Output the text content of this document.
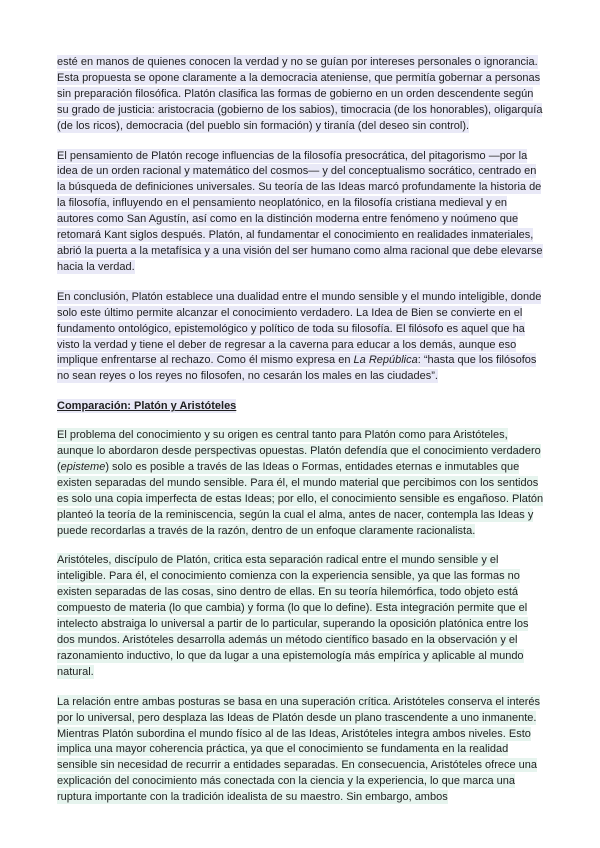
esté en manos de quienes conocen la verdad y no se guían por intereses personales o ignorancia. Esta propuesta se opone claramente a la democracia ateniense, que permitía gobernar a personas sin preparación filosófica. Platón clasifica las formas de gobierno en un orden descendente según su grado de justicia: aristocracia (gobierno de los sabios), timocracia (de los honorables), oligarquía (de los ricos), democracia (del pueblo sin formación) y tiranía (del deseo sin control).

El pensamiento de Platón recoge influencias de la filosofía presocrática, del pitagorismo —por la idea de un orden racional y matemático del cosmos— y del conceptualismo socrático, centrado en la búsqueda de definiciones universales. Su teoría de las Ideas marcó profundamente la historia de la filosofía, influyendo en el pensamiento neoplatónico, en la filosofía cristiana medieval y en autores como San Agustín, así como en la distinción moderna entre fenómeno y noúmeno que retomará Kant siglos después. Platón, al fundamentar el conocimiento en realidades inmateriales, abrió la puerta a la metafísica y a una visión del ser humano como alma racional que debe elevarse hacia la verdad.

En conclusión, Platón establece una dualidad entre el mundo sensible y el mundo inteligible, donde solo este último permite alcanzar el conocimiento verdadero. La Idea de Bien se convierte en el fundamento ontológico, epistemológico y político de toda su filosofía. El filósofo es aquel que ha visto la verdad y tiene el deber de regresar a la caverna para educar a los demás, aunque eso implique enfrentarse al rechazo. Como él mismo expresa en La República: “hasta que los filósofos no sean reyes o los reyes no filosofen, no cesarán los males en las ciudades”.

Comparación: Platón y Aristóteles

El problema del conocimiento y su origen es central tanto para Platón como para Aristóteles, aunque lo abordaron desde perspectivas opuestas. Platón defendía que el conocimiento verdadero (episteme) solo es posible a través de las Ideas o Formas, entidades eternas e inmutables que existen separadas del mundo sensible. Para él, el mundo material que percibimos con los sentidos es solo una copia imperfecta de estas Ideas; por ello, el conocimiento sensible es engañoso. Platón planteó la teoría de la reminiscencia, según la cual el alma, antes de nacer, contempla las Ideas y puede recordarlas a través de la razón, dentro de un enfoque claramente racionalista.

Aristóteles, discípulo de Platón, critica esta separación radical entre el mundo sensible y el inteligible. Para él, el conocimiento comienza con la experiencia sensible, ya que las formas no existen separadas de las cosas, sino dentro de ellas. En su teoría hilemórfica, todo objeto está compuesto de materia (lo que cambia) y forma (lo que lo define). Esta integración permite que el intelecto abstraiga lo universal a partir de lo particular, superando la oposición platónica entre los dos mundos. Aristóteles desarrolla además un método científico basado en la observación y el razonamiento inductivo, lo que da lugar a una epistemología más empírica y aplicable al mundo natural.

La relación entre ambas posturas se basa en una superación crítica. Aristóteles conserva el interés por lo universal, pero desplaza las Ideas de Platón desde un plano trascendente a uno inmanente. Mientras Platón subordina el mundo físico al de las Ideas, Aristóteles integra ambos niveles. Esto implica una mayor coherencia práctica, ya que el conocimiento se fundamenta en la realidad sensible sin necesidad de recurrir a entidades separadas. En consecuencia, Aristóteles ofrece una explicación del conocimiento más conectada con la ciencia y la experiencia, lo que marca una ruptura importante con la tradición idealista de su maestro. Sin embargo, ambos
